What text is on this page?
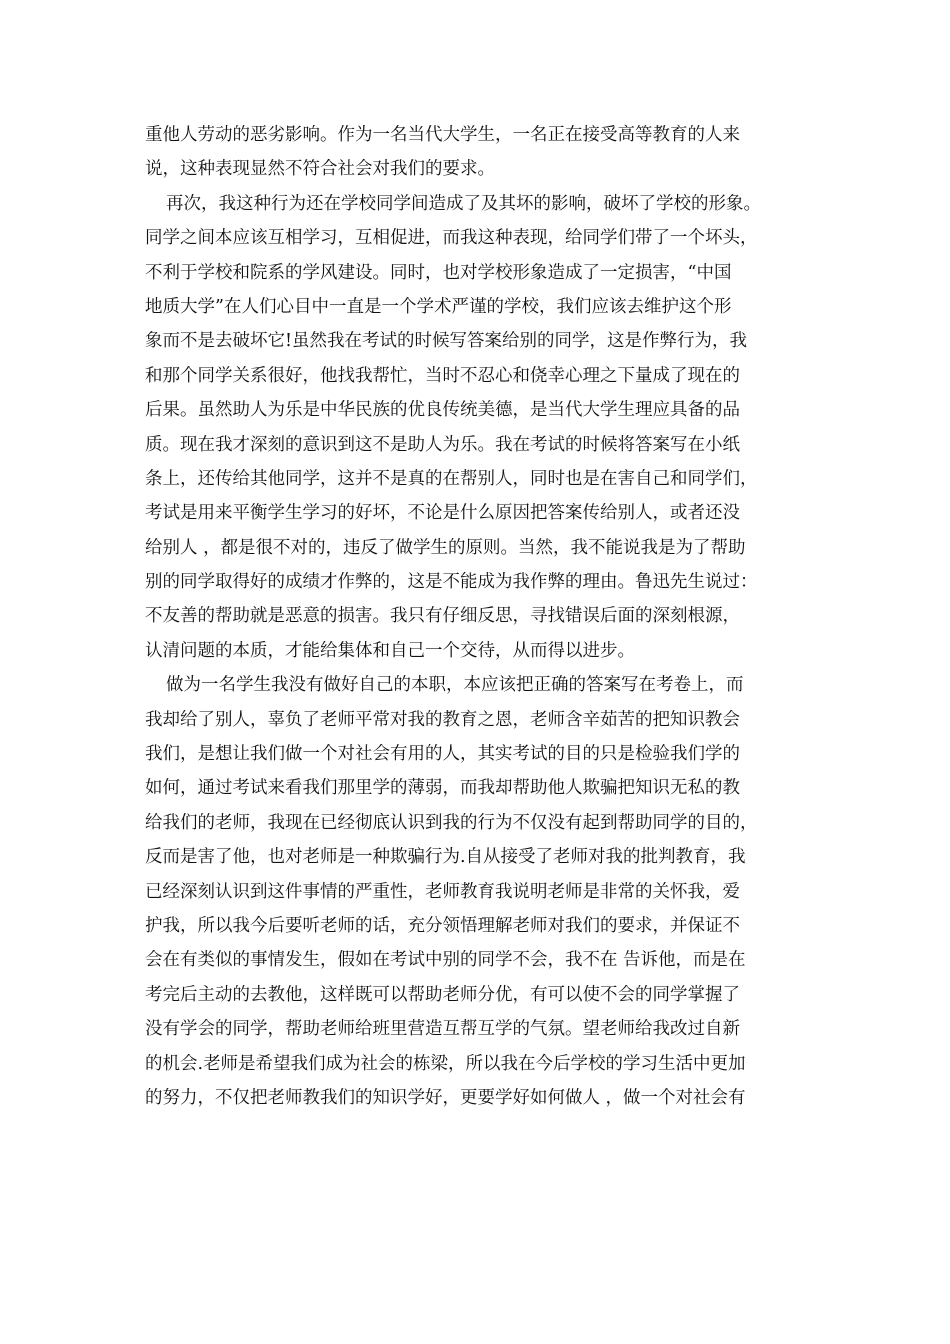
重他人劳动的恶劣影响。作为一名当代大学生，一名正在接受高等教育的人来
说，这种表现显然不符合社会对我们的要求。
再次，我这种行为还在学校同学间造成了及其坏的影响，破坏了学校的形象。
同学之间本应该互相学习，互相促进，而我这种表现，给同学们带了一个坏头，
不利于学校和院系的学风建设。同时，也对学校形象造成了一定损害，“中国
地质大学”在人们心目中一直是一个学术严谨的学校，我们应该去维护这个形
象而不是去破坏它!虽然我在考试的时候写答案给别的同学，这是作弊行为，我
和那个同学关系很好，他找我帮忙，当时不忍心和侥幸心理之下量成了现在的
后果。虽然助人为乐是中华民族的优良传统美德，是当代大学生理应具备的品
质。现在我才深刻的意识到这不是助人为乐。我在考试的时候将答案写在小纸
条上，还传给其他同学，这并不是真的在帮别人，同时也是在害自己和同学们，
考试是用来平衡学生学习的好坏，不论是什么原因把答案传给别人，或者还没
给别人 ，都是很不对的，违反了做学生的原则。当然，我不能说我是为了帮助
别的同学取得好的成绩才作弊的，这是不能成为我作弊的理由。鲁迅先生说过：
不友善的帮助就是恶意的损害。我只有仔细反思，寻找错误后面的深刻根源，
认清问题的本质，才能给集体和自己一个交待，从而得以进步。
做为一名学生我没有做好自己的本职，本应该把正确的答案写在考卷上，而
我却给了别人，辜负了老师平常对我的教育之恩，老师含辛茹苦的把知识教会
我们，是想让我们做一个对社会有用的人，其实考试的目的只是检验我们学的
如何，通过考试来看我们那里学的薄弱，而我却帮助他人欺骗把知识无私的教
给我们的老师，我现在已经彻底认识到我的行为不仅没有起到帮助同学的目的，
反而是害了他，也对老师是一种欺骗行为.自从接受了老师对我的批判教育，我
已经深刻认识到这件事情的严重性，老师教育我说明老师是非常的关怀我，爱
护我，所以我今后要听老师的话，充分领悟理解老师对我们的要求，并保证不
会在有类似的事情发生，假如在考试中别的同学不会，我不在 告诉他，而是在
考完后主动的去教他，这样既可以帮助老师分优，有可以使不会的同学掌握了
没有学会的同学，帮助老师给班里营造互帮互学的气氛。望老师给我改过自新
的机会.老师是希望我们成为社会的栋梁，所以我在今后学校的学习生活中更加
的努力，不仅把老师教我们的知识学好，更要学好如何做人 ，做一个对社会有
